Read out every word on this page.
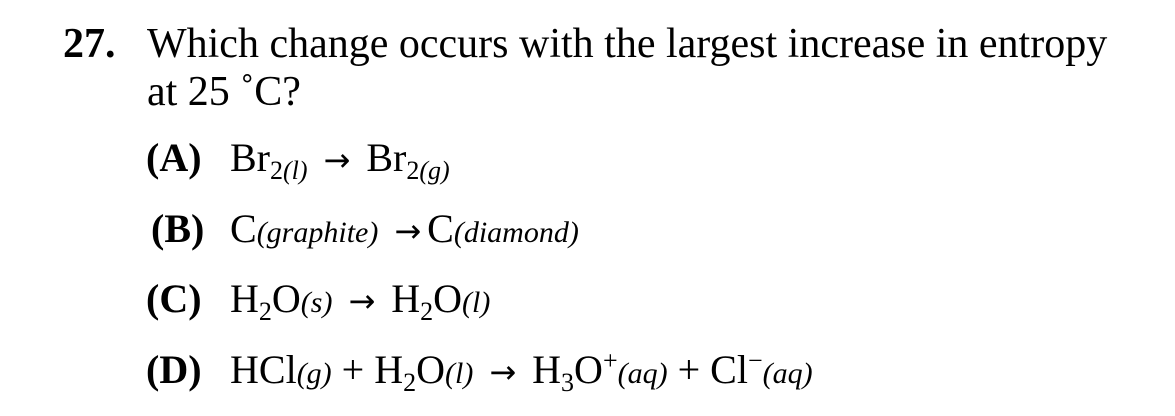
27. Which change occurs with the largest increase in entropy at 25 ˚C?
(A) $Br_{2(l)} \to Br_{2(g)}$
(B) C(graphite) → C(diamond)
(C) $H_2O(s) \to H_2O(l)$
(D) $HCl(g) + H_2O(l) \to H_3O^+(aq) + Cl^-(aq)$
